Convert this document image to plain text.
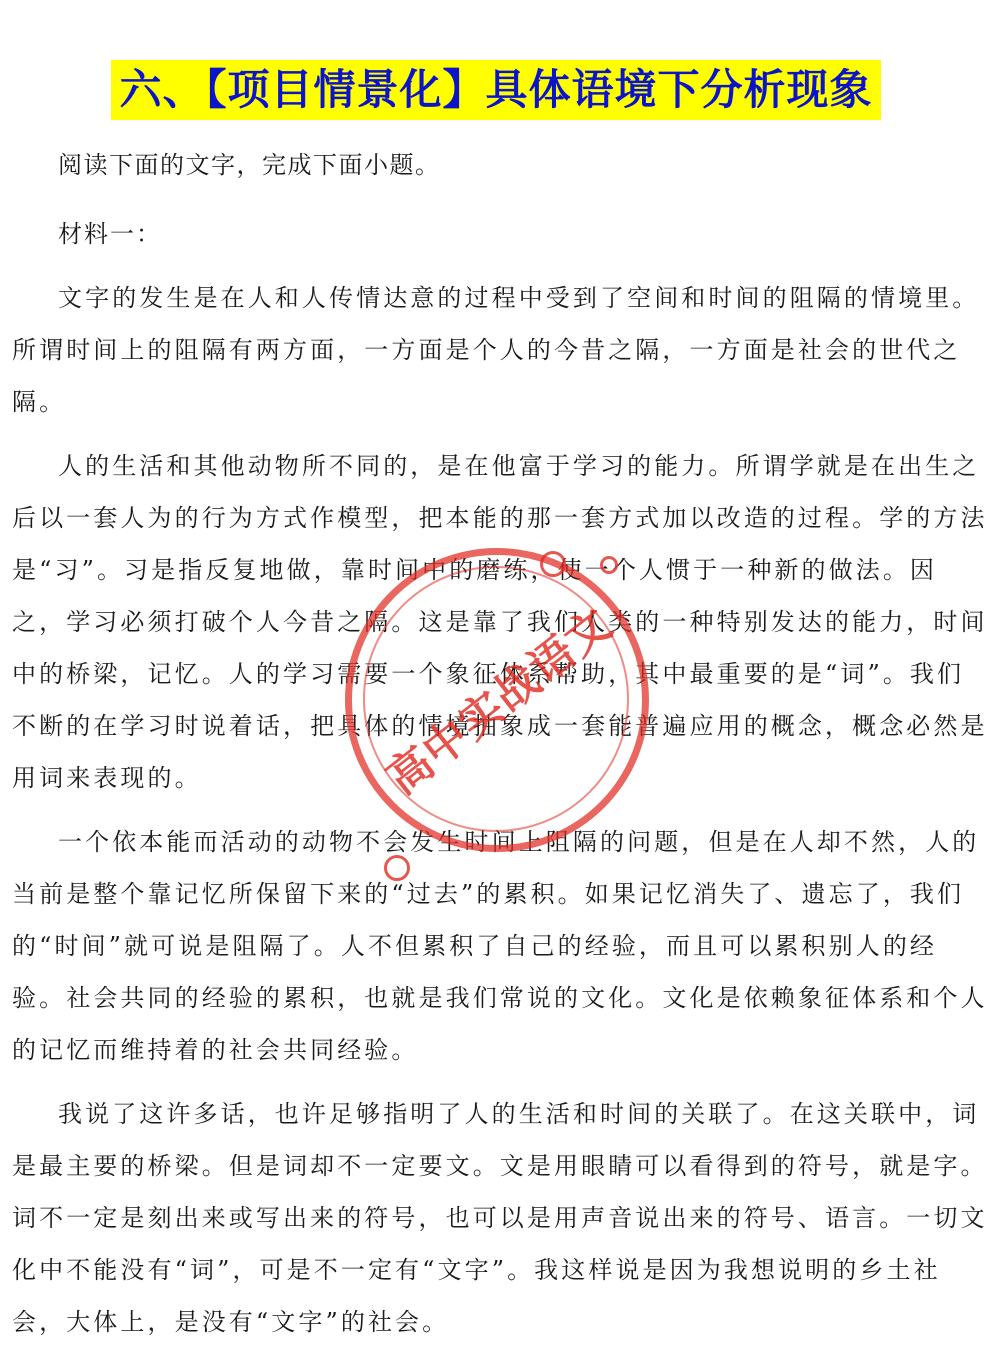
六、【项目情景化】具体语境下分析现象
阅读下面的文字，完成下面小题。
材料一：
文字的发生是在人和人传情达意的过程中受到了空间和时间的阻隔的情境里。
所谓时间上的阻隔有两方面，一方面是个人的今昔之隔，一方面是社会的世代之
隔。
人的生活和其他动物所不同的，是在他富于学习的能力。所谓学就是在出生之
后以一套人为的行为方式作模型，把本能的那一套方式加以改造的过程。学的方法
是“习”。习是指反复地做，靠时间中的磨练，使一个人惯于一种新的做法。因
之，学习必须打破个人今昔之隔。这是靠了我们人类的一种特别发达的能力，时间
中的桥梁，记忆。人的学习需要一个象征体系帮助，其中最重要的是“词”。我们
不断的在学习时说着话，把具体的情境抽象成一套能普遍应用的概念，概念必然是
用词来表现的。
一个依本能而活动的动物不会发生时间上阻隔的问题，但是在人却不然，人的
当前是整个靠记忆所保留下来的“过去”的累积。如果记忆消失了、遗忘了，我们
的“时间”就可说是阻隔了。人不但累积了自己的经验，而且可以累积别人的经
验。社会共同的经验的累积，也就是我们常说的文化。文化是依赖象征体系和个人
的记忆而维持着的社会共同经验。
我说了这许多话，也许足够指明了人的生活和时间的关联了。在这关联中，词
是最主要的桥梁。但是词却不一定要文。文是用眼睛可以看得到的符号，就是字。
词不一定是刻出来或写出来的符号，也可以是用声音说出来的符号、语言。一切文
化中不能没有“词”，可是不一定有“文字”。我这样说是因为我想说明的乡土社
会，大体上，是没有“文字”的社会。
高中实战语文
